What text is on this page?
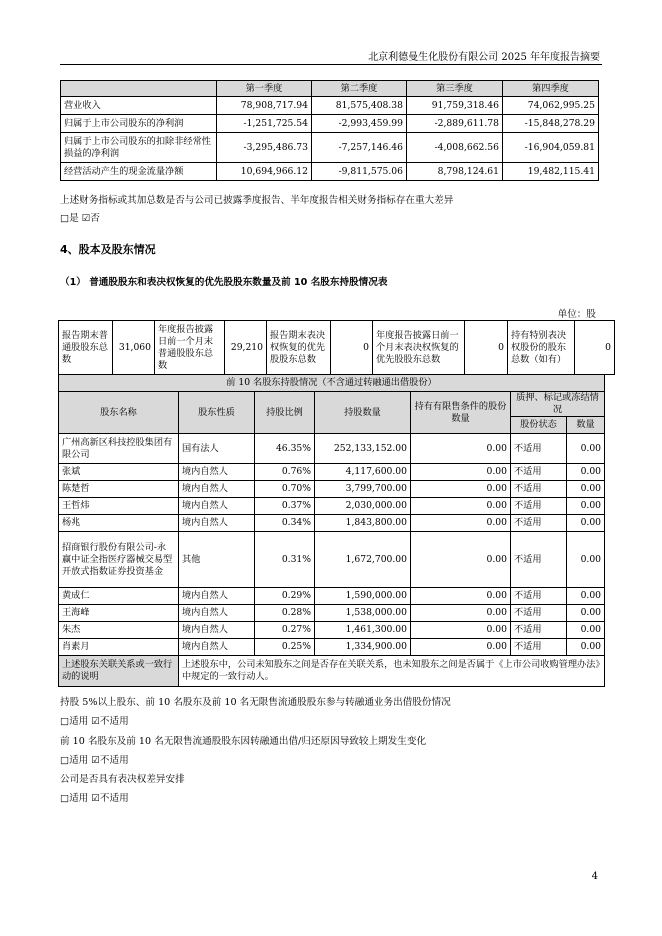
北京利德曼生化股份有限公司 2025 年年度报告摘要
	第一季度	第二季度	第三季度	第四季度
营业收入	78,908,717.94	81,575,408.38	91,759,318.46	74,062,995.25
归属于上市公司股东的净利润	-1,251,725.54	-2,993,459.99	-2,889,611.78	-15,848,278.29
归属于上市公司股东的扣除非经常性损益的净利润	-3,295,486.73	-7,257,146.46	-4,008,662.56	-16,904,059.81
经营活动产生的现金流量净额	10,694,966.12	-9,811,575.06	8,798,124.61	19,482,115.41
上述财务指标或其加总数是否与公司已披露季度报告、半年度报告相关财务指标存在重大差异
□是 ☑否
4、股本及股东情况
（1） 普通股股东和表决权恢复的优先股股东数量及前 10 名股东持股情况表
单位：股
报告期末普通股股东总数	31,060	年度报告披露日前一个月末普通股股东总数	29,210	报告期末表决权恢复的优先股股东总数	0	年度报告披露日前一个月末表决权恢复的优先股股东总数	0	持有特别表决权股份的股东总数（如有）	0
前 10 名股东持股情况（不含通过转融通出借股份）						
股东名称	股东性质	持股比例	持股数量	持有有限售条件的股份数量	质押、标记或冻结情况	
					股份状态	数量
广州高新区科技控股集团有限公司	国有法人	46.35%	252,133,152.00	0.00	不适用	0.00
张斌	境内自然人	0.76%	4,117,600.00	0.00	不适用	0.00
陈楚哲	境内自然人	0.70%	3,799,700.00	0.00	不适用	0.00
王哲炜	境内自然人	0.37%	2,030,000.00	0.00	不适用	0.00
杨兆	境内自然人	0.34%	1,843,800.00	0.00	不适用	0.00
招商银行股份有限公司-永赢中证全指医疗器械交易型开放式指数证券投资基金	其他	0.31%	1,672,700.00	0.00	不适用	0.00
黄成仁	境内自然人	0.29%	1,590,000.00	0.00	不适用	0.00
王海峰	境内自然人	0.28%	1,538,000.00	0.00	不适用	0.00
朱杰	境内自然人	0.27%	1,461,300.00	0.00	不适用	0.00
肖素月	境内自然人	0.25%	1,334,900.00	0.00	不适用	0.00
上述股东关联关系或一致行动的说明	上述股东中，公司未知股东之间是否存在关联关系，也未知股东之间是否属于《上市公司收购管理办法》中规定的一致行动人。					
持股 5%以上股东、前 10 名股东及前 10 名无限售流通股股东参与转融通业务出借股份情况
□适用 ☑不适用
前 10 名股东及前 10 名无限售流通股股东因转融通出借/归还原因导致较上期发生变化
□适用 ☑不适用
公司是否具有表决权差异安排
□适用 ☑不适用
4
